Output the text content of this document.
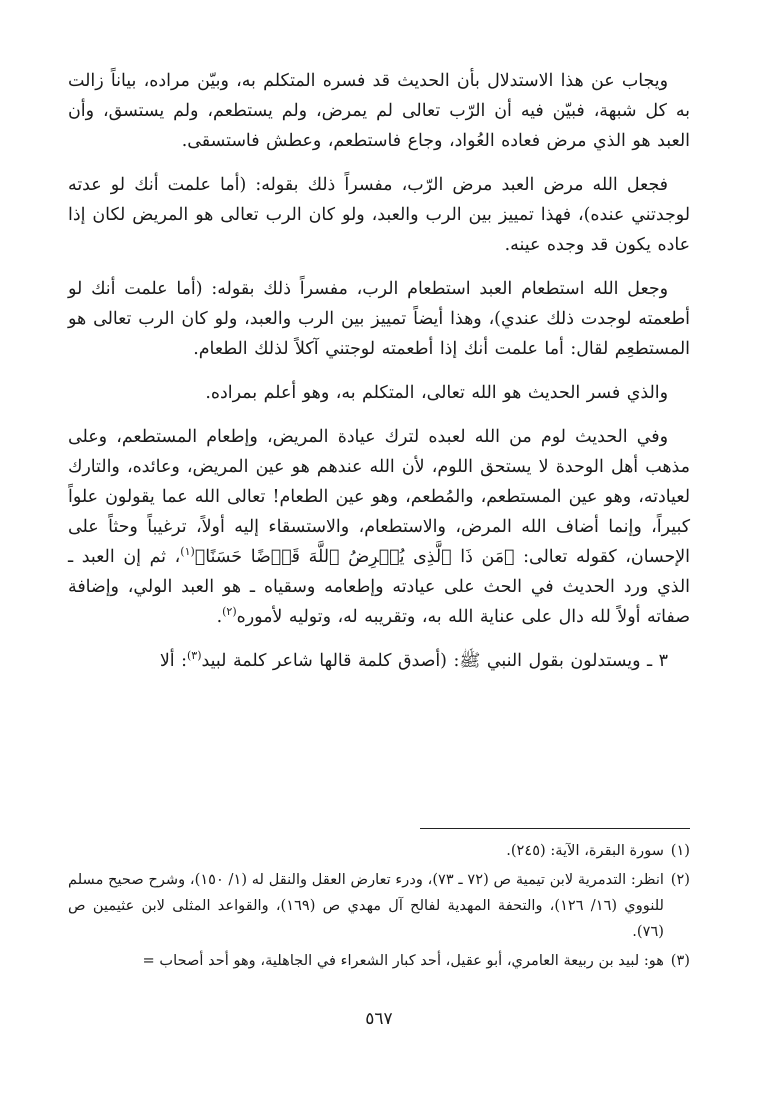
ويجاب عن هذا الاستدلال بأن الحديث قد فسره المتكلم به، وبيّن مراده، بياناً زالت به كل شبهة، فبيّن فيه أن الرّب تعالى لم يمرض، ولم يستطعم، ولم يستسق، وأن العبد هو الذي مرض فعاده العُواد، وجاع فاستطعم، وعطش فاستسقى.

فجعل الله مرض العبد مرض الرّب، مفسراً ذلك بقوله: (أما علمت أنك لو عدته لوجدتني عنده)، فهذا تمييز بين الرب والعبد، ولو كان الرب تعالى هو المريض لكان إذا عاده يكون قد وجده عينه.

وجعل الله استطعام العبد استطعام الرب، مفسراً ذلك بقوله: (أما علمت أنك لو أطعمته لوجدت ذلك عندي)، وهذا أيضاً تمييز بين الرب والعبد، ولو كان الرب تعالى هو المستطعِم لقال: أما علمت أنك إذا أطعمته لوجتني آكلاً لذلك الطعام.

والذي فسر الحديث هو الله تعالى، المتكلم به، وهو أعلم بمراده.

وفي الحديث لوم من الله لعبده لترك عيادة المريض، وإطعام المستطعم، وعلى مذهب أهل الوحدة لا يستحق اللوم، لأن الله عندهم هو عين المريض، وعائده، والتارك لعيادته، وهو عين المستطعم، والمُطعم، وهو عين الطعام! تعالى الله عما يقولون علواً كبيراً، وإنما أضاف الله المرض، والاستطعام، والاستسقاء إليه أولاً، ترغيباً وحثاً على الإحسان، كقوله تعالى: ﴿مَن ذَا ٱلَّذِى يُقۡرِضُ ٱللَّهَ قَرۡضًا حَسَنًا﴾$^{(١)}$، ثم إن العبد ـ الذي ورد الحديث في الحث على عيادته وإطعامه وسقياه ـ هو العبد الولي، وإضافة صفاته أولاً لله دال على عناية الله به، وتقريبه له، وتوليه لأموره$^{(٢)}$.

٣ ـ ويستدلون بقول النبي ﷺ: (أصدق كلمة قالها شاعر كلمة لبيد$^{(٣)}$: ألا

(١)
سورة البقرة، الآية: (٢٤٥).
(٢)
انظر: التدمرية لابن تيمية ص (٧٢ ـ ٧٣)، ودرء تعارض العقل والنقل له (١/ ١٥٠)، وشرح صحيح مسلم للنووي (١٦/ ١٢٦)، والتحفة المهدية لفالح آل مهدي ص (١٦٩)، والقواعد المثلى لابن عثيمين ص (٧٦).
(٣)
هو: لبيد بن ربيعة العامري، أبو عقيل، أحد كبار الشعراء في الجاهلية، وهو أحد أصحاب =
٥٦٧
